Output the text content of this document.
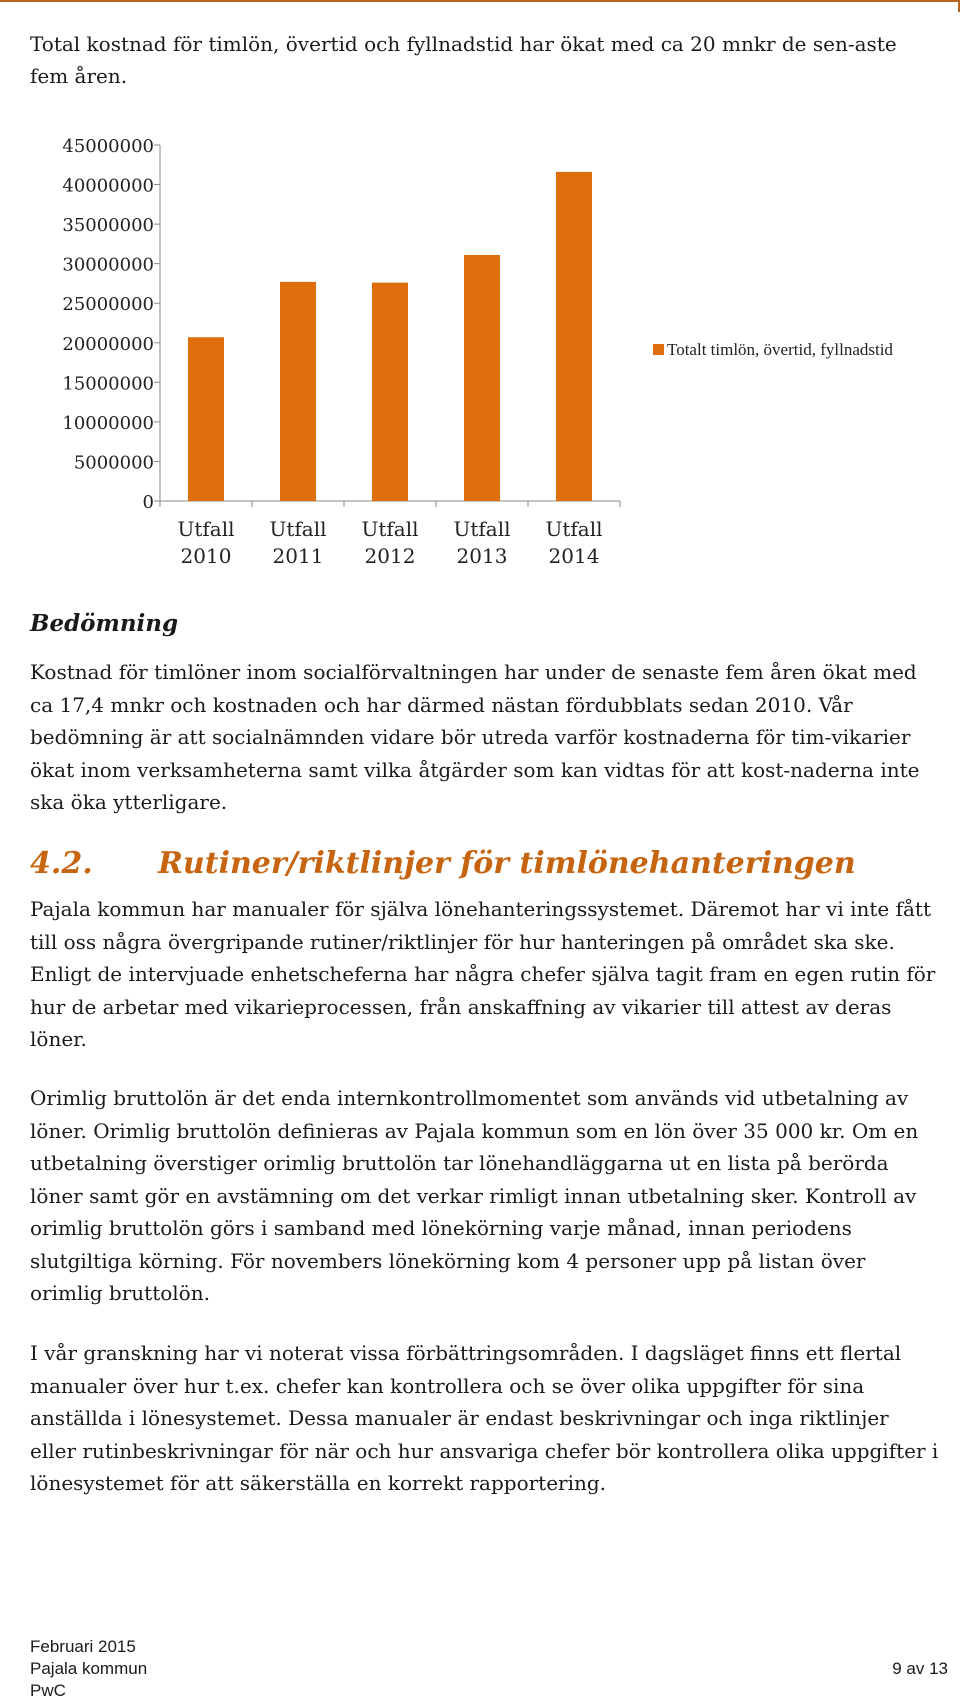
Total kostnad för timlön, övertid och fyllnadstid har ökat med ca 20 mnkr de sen-aste fem åren.

0
5000000
10000000
15000000
20000000
25000000
30000000
35000000
40000000
45000000
Utfall
2010
Utfall
2011
Utfall
2012
Utfall
2013
Utfall
2014
Totalt timlön, övertid, fyllnadstid
Bedömning

Kostnad för timlöner inom socialförvaltningen har under de senaste fem åren ökat med ca 17,4 mnkr och kostnaden och har därmed nästan fördubblats sedan 2010. Vår bedömning är att socialnämnden vidare bör utreda varför kostnaderna för tim-vikarier ökat inom verksamheterna samt vilka åtgärder som kan vidtas för att kost-naderna inte ska öka ytterligare.

4.2. Rutiner/riktlinjer för timlönehanteringen

Pajala kommun har manualer för själva lönehanteringssystemet. Däremot har vi inte fått till oss några övergripande rutiner/riktlinjer för hur hanteringen på området ska ske. Enligt de intervjuade enhetscheferna har några chefer själva tagit fram en egen rutin för hur de arbetar med vikarieprocessen, från anskaffning av vikarier till attest av deras löner.

Orimlig bruttolön är det enda internkontrollmomentet som används vid utbetalning av löner. Orimlig bruttolön definieras av Pajala kommun som en lön över 35 000 kr. Om en utbetalning överstiger orimlig bruttolön tar lönehandläggarna ut en lista på berörda löner samt gör en avstämning om det verkar rimligt innan utbetalning sker. Kontroll av orimlig bruttolön görs i samband med lönekörning varje månad, innan periodens slutgiltiga körning. För novembers lönekörning kom 4 personer upp på listan över orimlig bruttolön.

I vår granskning har vi noterat vissa förbättringsområden. I dagsläget finns ett flertal manualer över hur t.ex. chefer kan kontrollera och se över olika uppgifter för sina anställda i lönesystemet. Dessa manualer är endast beskrivningar och inga riktlinjer eller rutinbeskrivningar för när och hur ansvariga chefer bör kontrollera olika uppgifter i lönesystemet för att säkerställa en korrekt rapportering.

Februari 2015
Pajala kommun	9 av 13
PwC
